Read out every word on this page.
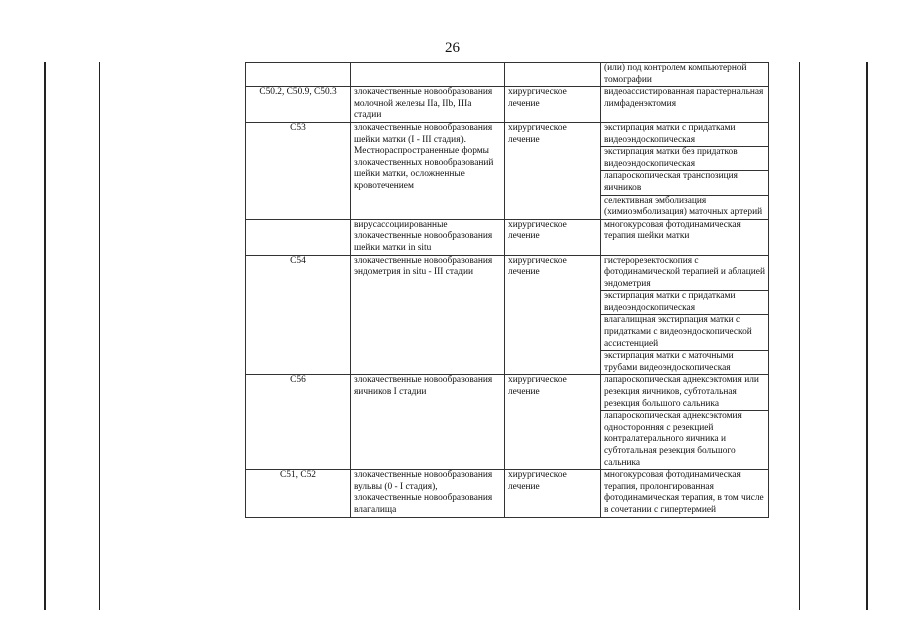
26
			(или) под контролем компьютерной томографии
C50.2, C50.9, C50.3	злокачественные новообразования молочной железы IIa, IIb, IIIa стадии	хирургическое лечение	видеоассистированная парастернальная лимфаденэктомия
C53	злокачественные новообразования шейки матки (I - III стадия). Местнораспространенные формы злокачественных новообразований шейки матки, осложненные кровотечением	хирургическое лечение	экстирпация матки с придатками видеоэндоскопическая
			экстирпация матки без придатков видеоэндоскопическая
			лапароскопическая транспозиция яичников
			селективная эмболизация (химиоэмболизация) маточных артерий
	вирусассоциированные злокачественные новообразования шейки матки in situ	хирургическое лечение	многокурсовая фотодинамическая терапия шейки матки
C54	злокачественные новообразования эндометрия in situ - III стадии	хирургическое лечение	гистерорезектоскопия с фотодинамической терапией и аблацией эндометрия
			экстирпация матки с придатками видеоэндоскопическая
			влагалищная экстирпация матки с придатками с видеоэндоскопической ассистенцией
			экстирпация матки с маточными трубами видеоэндоскопическая
C56	злокачественные новообразования яичников I стадии	хирургическое лечение	лапароскопическая аднексэктомия или резекция яичников, субтотальная резекция большого сальника
			лапароскопическая аднексэктомия односторонняя с резекцией контралатерального яичника и субтотальная резекция большого сальника
C51, C52	злокачественные новообразования вульвы (0 - I стадия), злокачественные новообразования влагалища	хирургическое лечение	многокурсовая фотодинамическая терапия, пролонгированная фотодинамическая терапия, в том числе в сочетании с гипертермией
